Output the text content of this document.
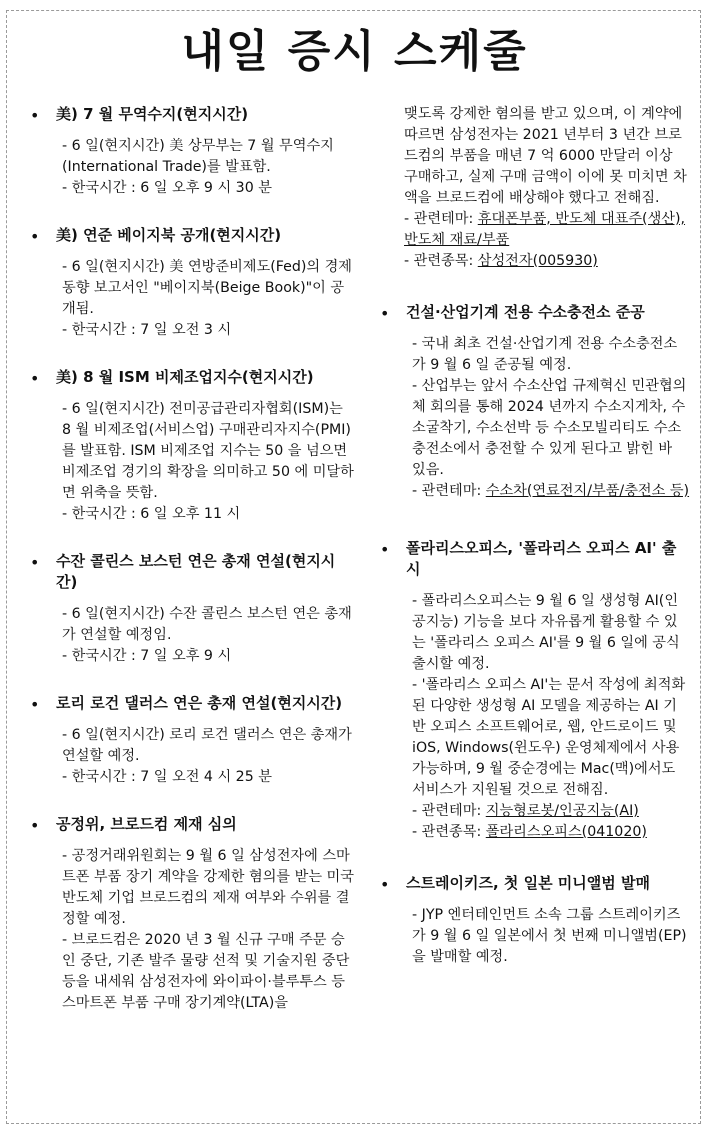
내일 증시 스케줄
•	美) 7 월 무역수지(현지시간)

- 6 일(현지시간) 美 상무부는 7 월 무역수지(International Trade)를 발표함.

- 한국시간 : 6 일 오후 9 시 30 분

•	美) 연준 베이지북 공개(현지시간)

- 6 일(현지시간) 美 연방준비제도(Fed)의 경제동향 보고서인 "베이지북(Beige Book)"이 공개됨.

- 한국시간 : 7 일 오전 3 시

•	美) 8 월 ISM 비제조업지수(현지시간)

- 6 일(현지시간) 전미공급관리자협회(ISM)는 8 월 비제조업(서비스업) 구매관리자지수(PMI)를 발표함. ISM 비제조업 지수는 50 을 넘으면 비제조업 경기의 확장을 의미하고 50 에 미달하면 위축을 뜻함.

- 한국시간 : 6 일 오후 11 시

•	수잔 콜린스 보스턴 연은 총재 연설(현지시간)

- 6 일(현지시간) 수잔 콜린스 보스턴 연은 총재가 연설할 예정임.

- 한국시간 : 7 일 오후 9 시

•	로리 로건 댈러스 연은 총재 연설(현지시간)

- 6 일(현지시간) 로리 로건 댈러스 연은 총재가 연설할 예정.

- 한국시간 : 7 일 오전 4 시 25 분

•	공정위, 브로드컴 제재 심의

- 공정거래위원회는 9 월 6 일 삼성전자에 스마트폰 부품 장기 계약을 강제한 혐의를 받는 미국 반도체 기업 브로드컴의 제재 여부와 수위를 결정할 예정.

- 브로드컴은 2020 년 3 월 신규 구매 주문 승인 중단, 기존 발주 물량 선적 및 기술지원 중단 등을 내세워 삼성전자에 와이파이·블루투스 등 스마트폰 부품 구매 장기계약(LTA)을

맺도록 강제한 혐의를 받고 있으며, 이 계약에 따르면 삼성전자는 2021 년부터 3 년간 브로드컴의 부품을 매년 7 억 6000 만달러 이상 구매하고, 실제 구매 금액이 이에 못 미치면 차액을 브로드컴에 배상해야 했다고 전해짐.

- 관련테마: 휴대폰부품, 반도체 대표주(생산), 반도체 재료/부품

- 관련종목: 삼성전자(005930)

•	건설·산업기계 전용 수소충전소 준공

- 국내 최초 건설·산업기계 전용 수소충전소가 9 월 6 일 준공될 예정.

- 산업부는 앞서 수소산업 규제혁신 민관협의체 회의를 통해 2024 년까지 수소지게차, 수소굴착기, 수소선박 등 수소모빌리티도 수소충전소에서 충전할 수 있게 된다고 밝힌 바 있음.

- 관련테마: 수소차(연료전지/부품/충전소 등)

•	폴라리스오피스, '폴라리스 오피스 AI' 출시

- 폴라리스오피스는 9 월 6 일 생성형 AI(인공지능) 기능을 보다 자유롭게 활용할 수 있는 '폴라리스 오피스 AI'를 9 월 6 일에 공식 출시할 예정.

- '폴라리스 오피스 AI'는 문서 작성에 최적화된 다양한 생성형 AI 모델을 제공하는 AI 기반 오피스 소프트웨어로, 웹, 안드로이드 및 iOS, Windows(윈도우) 운영체제에서 사용 가능하며, 9 월 중순경에는 Mac(맥)에서도 서비스가 지원될 것으로 전해짐.

- 관련테마: 지능형로봇/인공지능(AI)

- 관련종목: 폴라리스오피스(041020)

•	스트레이키즈, 첫 일본 미니앨범 발매

- JYP 엔터테인먼트 소속 그룹 스트레이키즈가 9 월 6 일 일본에서 첫 번째 미니앨범(EP)을 발매할 예정.
